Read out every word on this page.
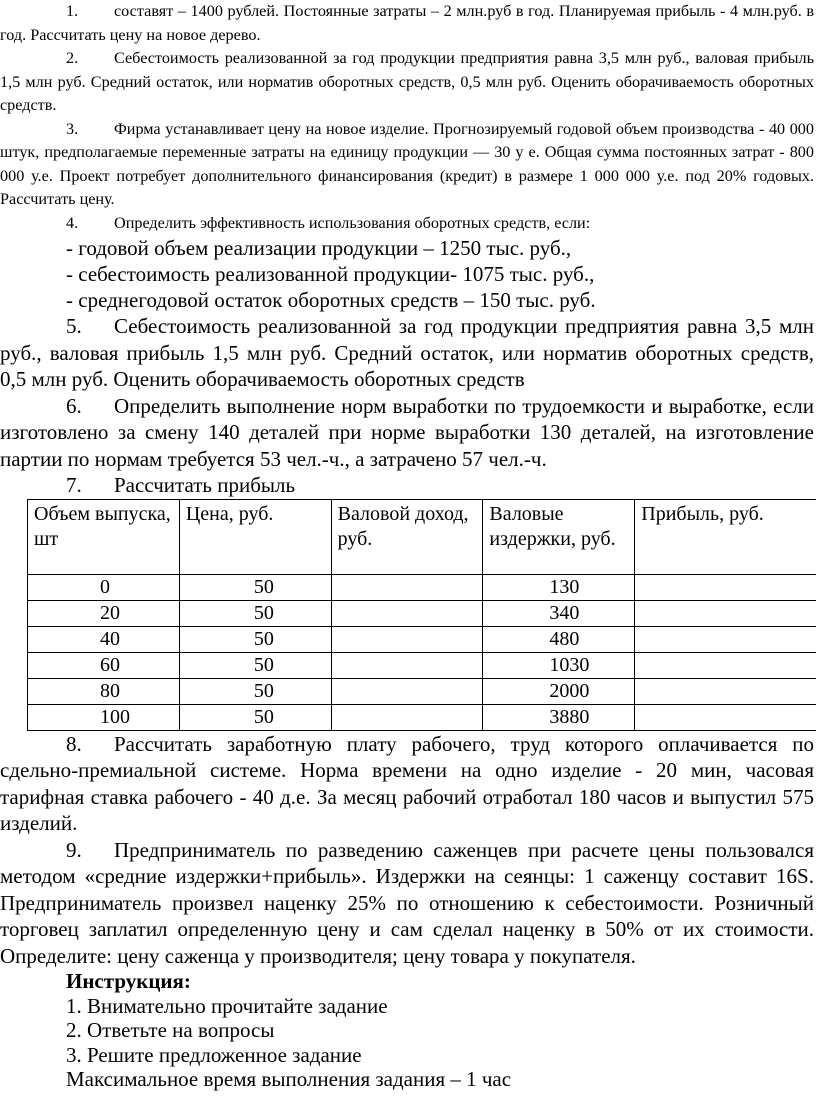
1. составят – 1400 рублей. Постоянные затраты – 2 млн.руб в год. Планируемая прибыль - 4 млн.руб. в год. Рассчитать цену на новое дерево.

2. Себестоимость реализованной за год продукции предприятия равна 3,5 млн руб., валовая прибыль 1,5 млн руб. Средний остаток, или норматив оборотных средств, 0,5 млн руб. Оценить оборачиваемость оборотных средств.

3. Фирма устанавливает цену на новое изделие. Прогнозируемый годовой объем производства - 40 000 штук, предполагаемые переменные затраты на единицу продукции — 30 у е. Общая сумма постоянных затрат - 800 000 у.е. Проект потребует дополнительного финансирования (кредит) в размере 1 000 000 у.е. под 20% годовых. Рассчитать цену.

4. Определить эффективность использования оборотных средств, если:

- годовой объем реализации продукции – 1250 тыс. руб.,

- себестоимость реализованной продукции- 1075 тыс. руб.,

- среднегодовой остаток оборотных средств – 150 тыс. руб.

5. Себестоимость реализованной за год продукции предприятия равна 3,5 млн руб., валовая прибыль 1,5 млн руб. Средний остаток, или норматив оборотных средств, 0,5 млн руб. Оценить оборачиваемость оборотных средств

6. Определить выполнение норм выработки по трудоемкости и выработке, если изготовлено за смену 140 деталей при норме выработки 130 деталей, на изготовление партии по нормам требуется 53 чел.-ч., а затрачено 57 чел.-ч.

7. Рассчитать прибыль

Объем выпуска, шт	Цена, руб.	Валовой доход, руб.	Валовые издержки, руб.	Прибыль, руб.
0	50		130	
20	50		340	
40	50		480	
60	50		1030	
80	50		2000	
100	50		3880	

8. Рассчитать заработную плату рабочего, труд которого оплачивается по сдельно-премиальной системе. Норма времени на одно изделие - 20 мин, часовая тарифная ставка рабочего - 40 д.е. За месяц рабочий отработал 180 часов и выпустил 575 изделий.

9. Предприниматель по разведению саженцев при расчете цены пользовался методом «средние издержки+прибыль». Издержки на сеянцы: 1 саженцу составит 16S. Предприниматель произвел наценку 25% по отношению к себестоимости. Розничный торговец заплатил определенную цену и сам сделал наценку в 50% от их стоимости. Определите: цену саженца у производителя; цену товара у покупателя.

Инструкция:

1. Внимательно прочитайте задание

2. Ответьте на вопросы

3. Решите предложенное задание

Максимальное время выполнения задания – 1 час
